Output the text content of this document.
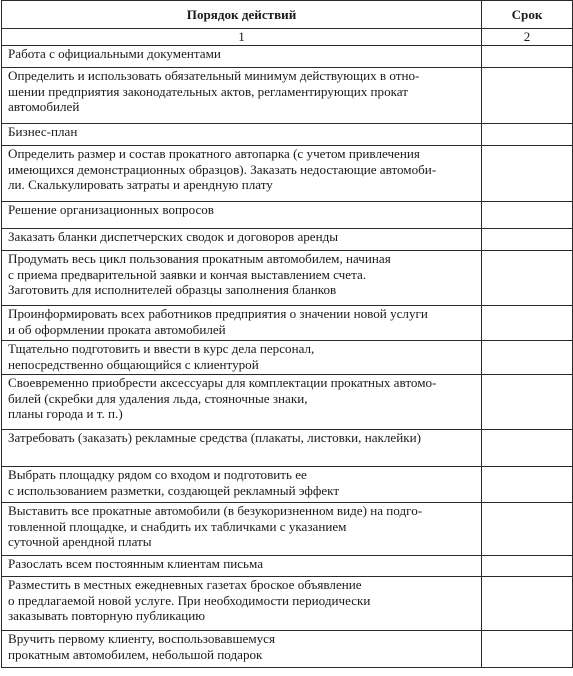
Порядок действий	Срок
1	2

Работа с официальными документами	

Определить и использовать обязательный минимум действующих в отно-
шении предприятия законодательных актов, регламентирующих прокат
автомобилей	

Бизнес-план	

Определить размер и состав прокатного автопарка (с учетом привлечения
имеющихся демонстрационных образцов). Заказать недостающие автомоби-
ли. Скалькулировать затраты и арендную плату	

Решение организационных вопросов	

Заказать бланки диспетчерских сводок и договоров аренды	

Продумать весь цикл пользования прокатным автомобилем, начиная
с приема предварительной заявки и кончая выставлением счета.
Заготовить для исполнителей образцы заполнения бланков	

Проинформировать всех работников предприятия о значении новой услуги
и об оформлении проката автомобилей	

Тщательно подготовить и ввести в курс дела персонал,
непосредственно общающийся с клиентурой	

Своевременно приобрести аксессуары для комплектации прокатных автомо-
билей (скребки для удаления льда, стояночные знаки,
планы города и т. п.)	

Затребовать (заказать) рекламные средства (плакаты, листовки, наклейки)	

Выбрать площадку рядом со входом и подготовить ее
с использованием разметки, создающей рекламный эффект	

Выставить все прокатные автомобили (в безукоризненном виде) на подго-
товленной площадке, и снабдить их табличками с указанием
суточной арендной платы	

Разослать всем постоянным клиентам письма	

Разместить в местных ежедневных газетах броское объявление
о предлагаемой новой услуге. При необходимости периодически
заказывать повторную публикацию	

Вручить первому клиенту, воспользовавшемуся
прокатным автомобилем, небольшой подарок	
